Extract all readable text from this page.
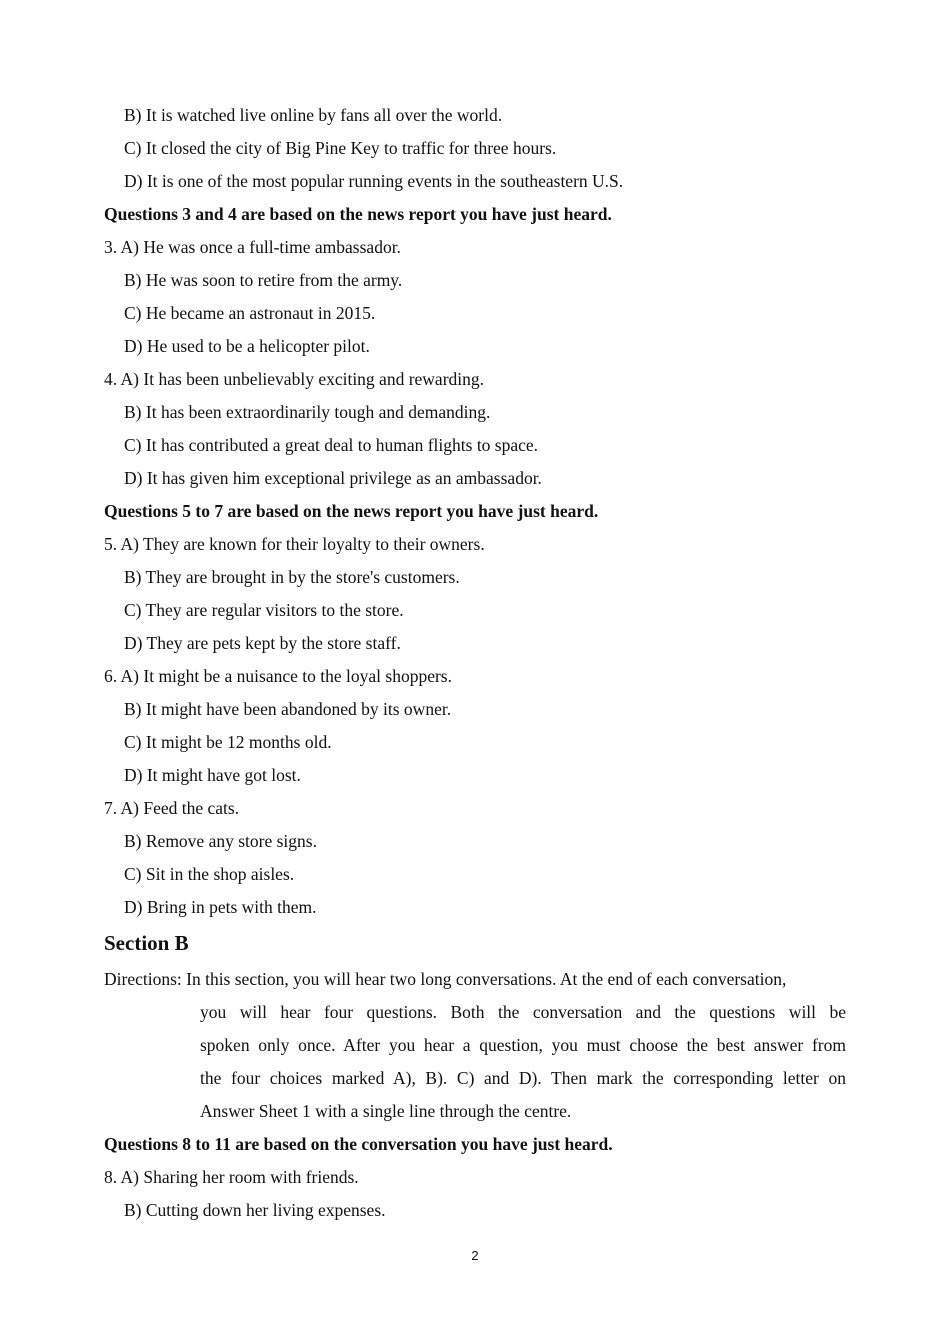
B) It is watched live online by fans all over the world.
C) It closed the city of Big Pine Key to traffic for three hours.
D) It is one of the most popular running events in the southeastern U.S.
Questions 3 and 4 are based on the news report you have just heard.
3. A) He was once a full-time ambassador.
B) He was soon to retire from the army.
C) He became an astronaut in 2015.
D) He used to be a helicopter pilot.
4. A) It has been unbelievably exciting and rewarding.
B) It has been extraordinarily tough and demanding.
C) It has contributed a great deal to human flights to space.
D) It has given him exceptional privilege as an ambassador.
Questions 5 to 7 are based on the news report you have just heard.
5. A) They are known for their loyalty to their owners.
B) They are brought in by the store's customers.
C) They are regular visitors to the store.
D) They are pets kept by the store staff.
6. A) It might be a nuisance to the loyal shoppers.
B) It might have been abandoned by its owner.
C) It might be 12 months old.
D) It might have got lost.
7. A) Feed the cats.
B) Remove any store signs.
C) Sit in the shop aisles.
D) Bring in pets with them.
Section B
Directions: In this section, you will hear two long conversations. At the end of each conversation,
you will hear four questions. Both the conversation and the questions will be
spoken only once. After you hear a question, you must choose the best answer from
the four choices marked A), B). C) and D). Then mark the corresponding letter on
Answer Sheet 1 with a single line through the centre.
Questions 8 to 11 are based on the conversation you have just heard.
8. A) Sharing her room with friends.
B) Cutting down her living expenses.
2
